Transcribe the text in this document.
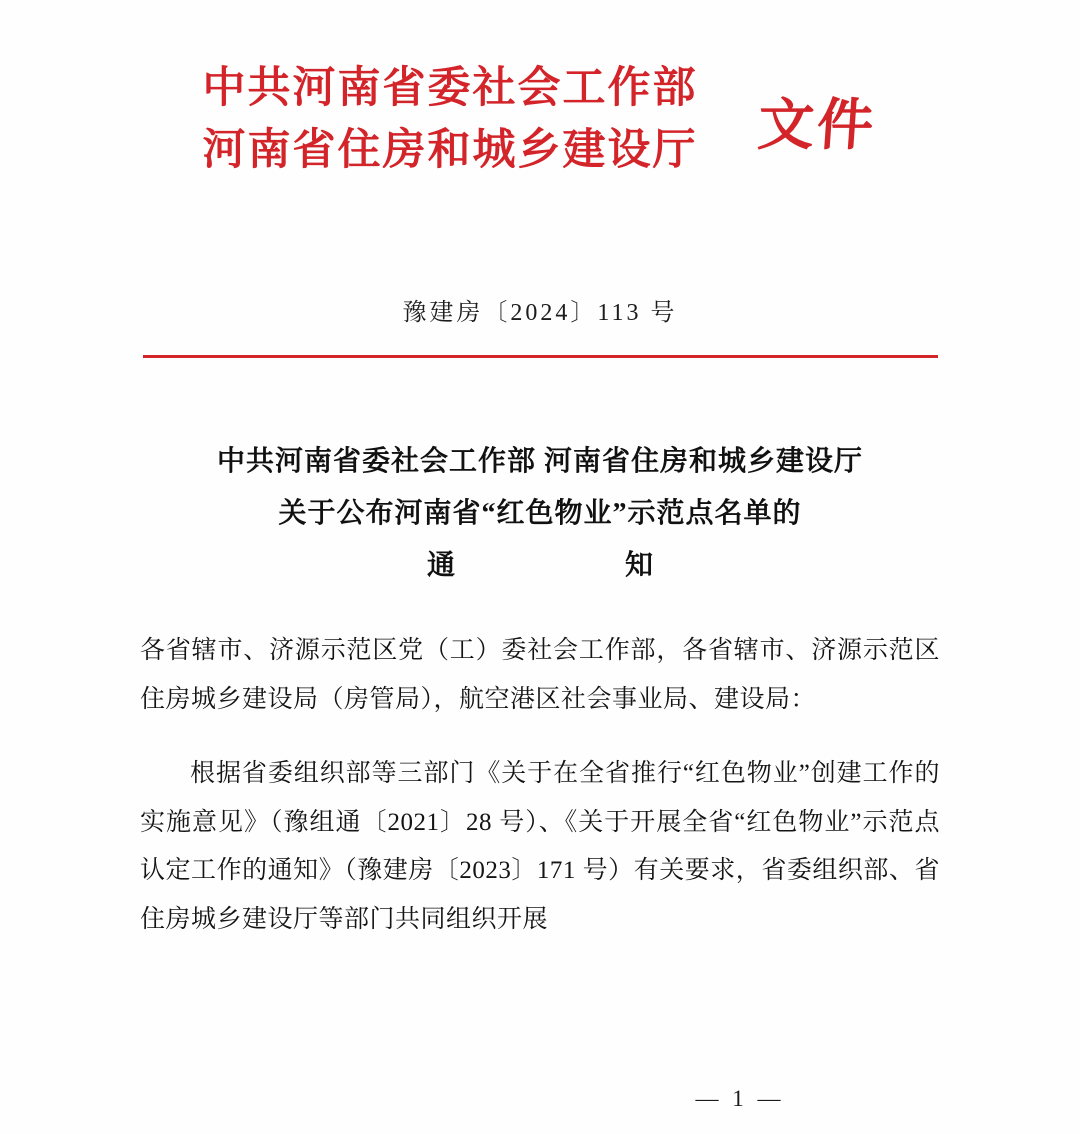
中共河南省委社会工作部
河南省住房和城乡建设厅	文件
豫建房〔2024〕113 号
中共河南省委社会工作部 河南省住房和城乡建设厅
关于公布河南省“红色物业”示范点名单的
通　　知

各省辖市、济源示范区党（工）委社会工作部，各省辖市、济源示范区住房城乡建设局（房管局），航空港区社会事业局、建设局：

根据省委组织部等三部门《关于在全省推行“红色物业”创建工作的实施意见》（豫组通〔2021〕28 号）、《关于开展全省“红色物业”示范点认定工作的通知》（豫建房〔2023〕171 号）有关要求，省委组织部、省住房城乡建设厅等部门共同组织开展

— 1 —
